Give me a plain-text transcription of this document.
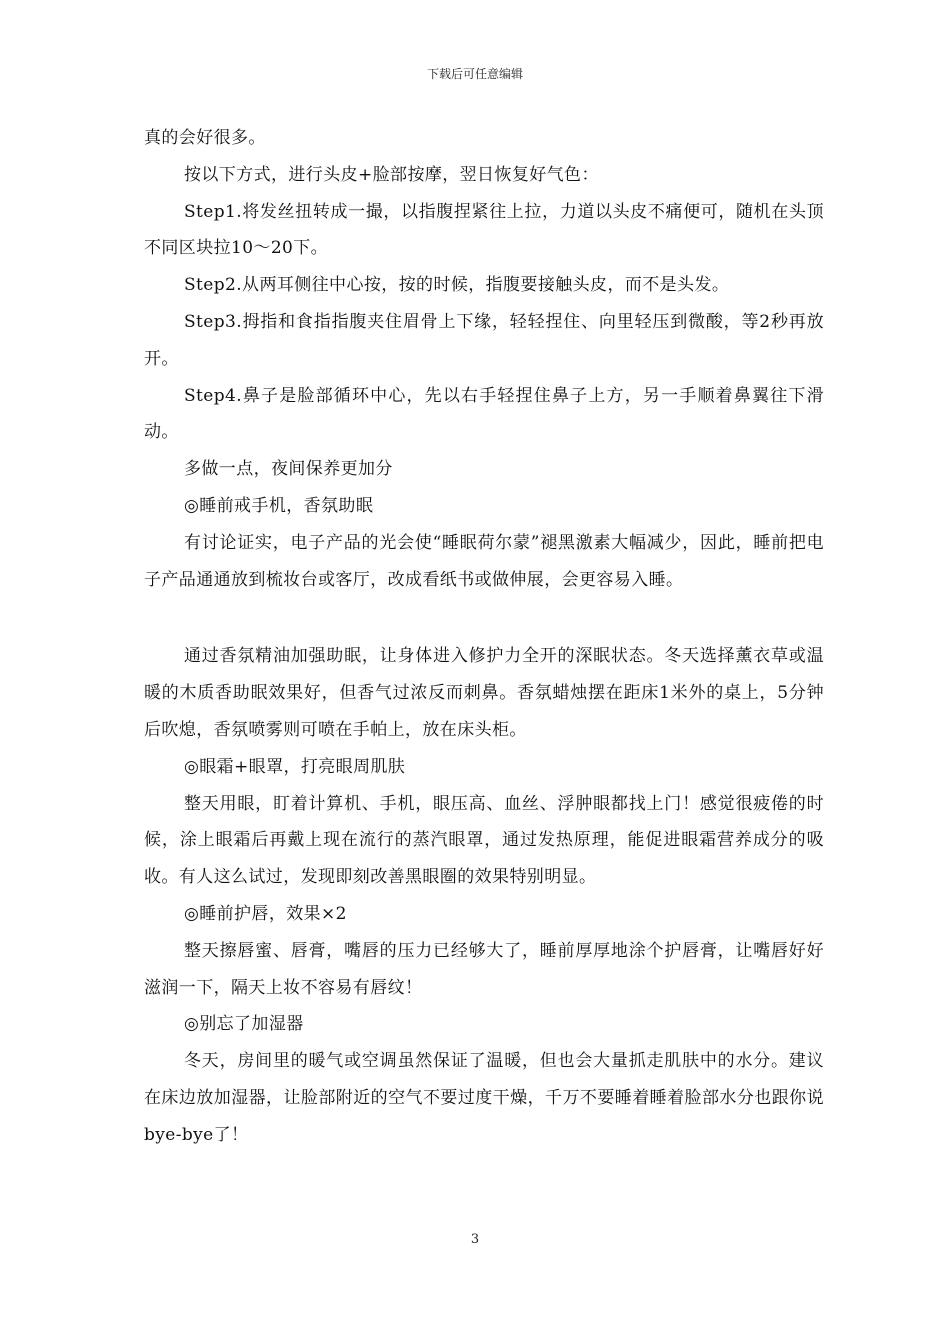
下载后可任意编辑

真的会好很多。

按以下方式，进行头皮+脸部按摩，翌日恢复好气色：

Step1.将发丝扭转成一撮，以指腹捏紧往上拉，力道以头皮不痛便可，随机在头顶不同区块拉10～20下。

Step2.从两耳侧往中心按，按的时候，指腹要接触头皮，而不是头发。

Step3.拇指和食指指腹夹住眉骨上下缘，轻轻捏住、向里轻压到微酸，等2秒再放开。

Step4.鼻子是脸部循环中心，先以右手轻捏住鼻子上方，另一手顺着鼻翼往下滑动。

多做一点，夜间保养更加分

◎睡前戒手机，香氛助眠

有讨论证实，电子产品的光会使“睡眠荷尔蒙”褪黑激素大幅减少，因此，睡前把电子产品通通放到梳妆台或客厅，改成看纸书或做伸展，会更容易入睡。

通过香氛精油加强助眠，让身体进入修护力全开的深眠状态。冬天选择薰衣草或温暖的木质香助眠效果好，但香气过浓反而刺鼻。香氛蜡烛摆在距床1米外的桌上，5分钟后吹熄，香氛喷雾则可喷在手帕上，放在床头柜。

◎眼霜+眼罩，打亮眼周肌肤

整天用眼，盯着计算机、手机，眼压高、血丝、浮肿眼都找上门！感觉很疲倦的时候，涂上眼霜后再戴上现在流行的蒸汽眼罩，通过发热原理，能促进眼霜营养成分的吸收。有人这么试过，发现即刻改善黑眼圈的效果特别明显。

◎睡前护唇，效果×2

整天擦唇蜜、唇膏，嘴唇的压力已经够大了，睡前厚厚地涂个护唇膏，让嘴唇好好滋润一下，隔天上妆不容易有唇纹！

◎别忘了加湿器

冬天，房间里的暖气或空调虽然保证了温暖，但也会大量抓走肌肤中的水分。建议在床边放加湿器，让脸部附近的空气不要过度干燥，千万不要睡着睡着脸部水分也跟你说bye-bye了！

3
